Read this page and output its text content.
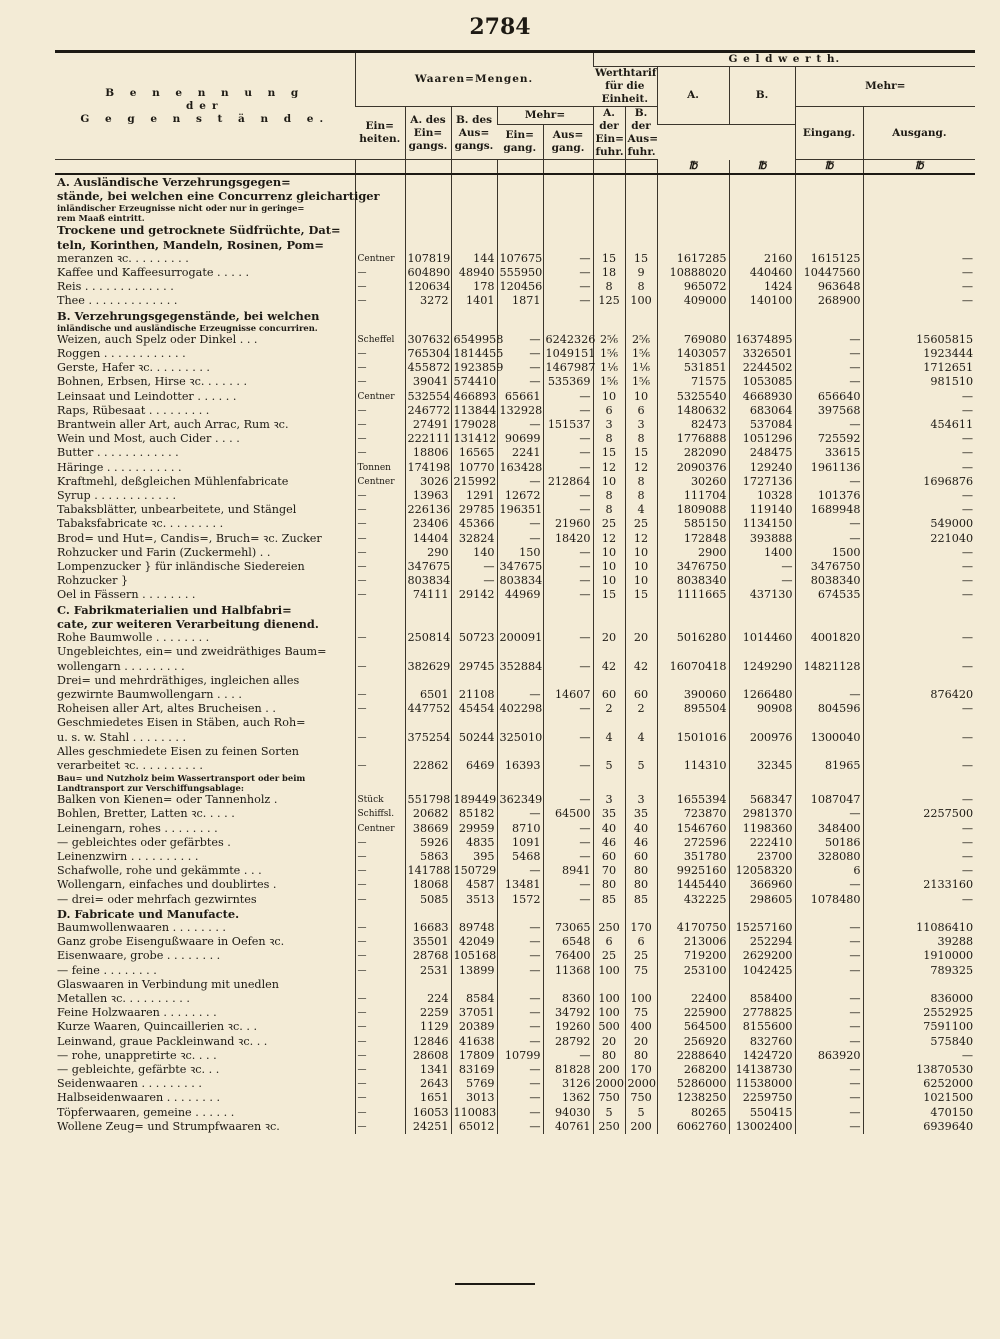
2784
B e n e n n u n g
der
G e g e n s t ä n d e.	Waaren=Mengen.					G e l d w e r t h.					
						Werthtarif für die Einheit.		A.	B.	Mehr=	
	Ein= heiten.	A. des Ein= gangs.	B. des Aus= gangs.	Mehr=		A. der Ein= fuhr.	B. der Aus= fuhr.			Eingang.	Ausgang.
				Ein= gang.	Aus= gang.						
								℔	℔	℔	℔
A. Ausländische Verzehrungsgegen=											
stände, bei welchen eine Concurrenz gleichartiger											
inländischer Erzeugnisse nicht oder nur in geringe=											
rem Maaß eintritt.											
Trockene und getrocknete Südfrüchte, Dat=											
teln, Korinthen, Mandeln, Rosinen, Pom=											
meranzen ꝛc. . . . . . . . .	Centner	107819	144	107675	—	15	15	1617285	2160	1615125	—
Kaffee und Kaffeesurrogate . . . . .	—	604890	48940	555950	—	18	9	10888020	440460	10447560	—
Reis . . . . . . . . . . . . .	—	120634	178	120456	—	8	8	965072	1424	963648	—
Thee . . . . . . . . . . . . .	—	3272	1401	1871	—	125	100	409000	140100	268900	—
B. Verzehrungsgegenstände, bei welchen											
inländische und ausländische Erzeugnisse concurriren.											
Weizen, auch Spelz oder Dinkel . . .	Scheffel	307632	6549958	—	6242326	2⁵⁄₆	2⁵⁄₆	769080	16374895	—	15605815
Roggen . . . . . . . . . . . .	—	765304	1814455	—	1049151	1⁵⁄₆	1⁵⁄₆	1403057	3326501	—	1923444
Gerste, Hafer ꝛc. . . . . . . . .	—	455872	1923859	—	1467987	1¹⁄₆	1¹⁄₆	531851	2244502	—	1712651
Bohnen, Erbsen, Hirse ꝛc. . . . . . .	—	39041	574410	—	535369	1⁵⁄₆	1⁵⁄₆	71575	1053085	—	981510
Leinsaat und Leindotter . . . . . .	Centner	532554	466893	65661	—	10	10	5325540	4668930	656640	—
Raps, Rübesaat . . . . . . . . .	—	246772	113844	132928	—	6	6	1480632	683064	397568	—
Brantwein aller Art, auch Arrac, Rum ꝛc.	—	27491	179028	—	151537	3	3	82473	537084	—	454611
Wein und Most, auch Cider . . . .	—	222111	131412	90699	—	8	8	1776888	1051296	725592	—
Butter . . . . . . . . . . . .	—	18806	16565	2241	—	15	15	282090	248475	33615	—
Häringe . . . . . . . . . . .	Tonnen	174198	10770	163428	—	12	12	2090376	129240	1961136	—
Kraftmehl, deßgleichen Mühlenfabricate	Centner	3026	215992	—	212864	10	8	30260	1727136	—	1696876
Syrup . . . . . . . . . . . .	—	13963	1291	12672	—	8	8	111704	10328	101376	—
Tabaksblätter, unbearbeitete, und Stängel	—	226136	29785	196351	—	8	4	1809088	119140	1689948	—
Tabaksfabricate ꝛc. . . . . . . . .	—	23406	45366	—	21960	25	25	585150	1134150	—	549000
Brod= und Hut=, Candis=, Bruch= ꝛc. Zucker	—	14404	32824	—	18420	12	12	172848	393888	—	221040
Rohzucker und Farin (Zuckermehl) . .	—	290	140	150	—	10	10	2900	1400	1500	—
Lompenzucker } für inländische Siedereien	—	347675	—	347675	—	10	10	3476750	—	3476750	—
Rohzucker }	—	803834	—	803834	—	10	10	8038340	—	8038340	—
Oel in Fässern . . . . . . . .	—	74111	29142	44969	—	15	15	1111665	437130	674535	—
C. Fabrikmaterialien und Halbfabri=											
cate, zur weiteren Verarbeitung dienend.											
Rohe Baumwolle . . . . . . . .	—	250814	50723	200091	—	20	20	5016280	1014460	4001820	—
Ungebleichtes, ein= und zweidräthiges Baum=											
wollengarn . . . . . . . . .	—	382629	29745	352884	—	42	42	16070418	1249290	14821128	—
Drei= und mehrdräthiges, ingleichen alles											
gezwirnte Baumwollengarn . . . .	—	6501	21108	—	14607	60	60	390060	1266480	—	876420
Roheisen aller Art, altes Brucheisen . .	—	447752	45454	402298	—	2	2	895504	90908	804596	—
Geschmiedetes Eisen in Stäben, auch Roh=											
u. s. w. Stahl . . . . . . . .	—	375254	50244	325010	—	4	4	1501016	200976	1300040	—
Alles geschmiedete Eisen zu feinen Sorten											
verarbeitet ꝛc. . . . . . . . . .	—	22862	6469	16393	—	5	5	114310	32345	81965	—
Bau= und Nutzholz beim Wassertransport oder beim											
Landtransport zur Verschiffungsablage:											
Balken von Kienen= oder Tannenholz .	Stück	551798	189449	362349	—	3	3	1655394	568347	1087047	—
Bohlen, Bretter, Latten ꝛc. . . . .	Schiffsl.	20682	85182	—	64500	35	35	723870	2981370	—	2257500
Leinengarn, rohes . . . . . . . .	Centner	38669	29959	8710	—	40	40	1546760	1198360	348400	—
— gebleichtes oder gefärbtes .	—	5926	4835	1091	—	46	46	272596	222410	50186	—
Leinenzwirn . . . . . . . . . .	—	5863	395	5468	—	60	60	351780	23700	328080	—
Schafwolle, rohe und gekämmte . . .	—	141788	150729	—	8941	70	80	9925160	12058320	6	—
Wollengarn, einfaches und doublirtes .	—	18068	4587	13481	—	80	80	1445440	366960	—	2133160
— drei= oder mehrfach gezwirntes	—	5085	3513	1572	—	85	85	432225	298605	1078480	—
D. Fabricate und Manufacte.											
Baumwollenwaaren . . . . . . . .	—	16683	89748	—	73065	250	170	4170750	15257160	—	11086410
Ganz grobe Eisengußwaare in Oefen ꝛc.	—	35501	42049	—	6548	6	6	213006	252294	—	39288
Eisenwaare, grobe . . . . . . . .	—	28768	105168	—	76400	25	25	719200	2629200	—	1910000
— feine . . . . . . . .	—	2531	13899	—	11368	100	75	253100	1042425	—	789325
Glaswaaren in Verbindung mit unedlen											
Metallen ꝛc. . . . . . . . . .	—	224	8584	—	8360	100	100	22400	858400	—	836000
Feine Holzwaaren . . . . . . . .	—	2259	37051	—	34792	100	75	225900	2778825	—	2552925
Kurze Waaren, Quincaillerien ꝛc. . .	—	1129	20389	—	19260	500	400	564500	8155600	—	7591100
Leinwand, graue Packleinwand ꝛc. . .	—	12846	41638	—	28792	20	20	256920	832760	—	575840
— rohe, unappretirte ꝛc. . . .	—	28608	17809	10799	—	80	80	2288640	1424720	863920	—
— gebleichte, gefärbte ꝛc. . .	—	1341	83169	—	81828	200	170	268200	14138730	—	13870530
Seidenwaaren . . . . . . . . .	—	2643	5769	—	3126	2000	2000	5286000	11538000	—	6252000
Halbseidenwaaren . . . . . . . .	—	1651	3013	—	1362	750	750	1238250	2259750	—	1021500
Töpferwaaren, gemeine . . . . . .	—	16053	110083	—	94030	5	5	80265	550415	—	470150
Wollene Zeug= und Strumpfwaaren ꝛc.	—	24251	65012	—	40761	250	200	6062760	13002400	—	6939640
